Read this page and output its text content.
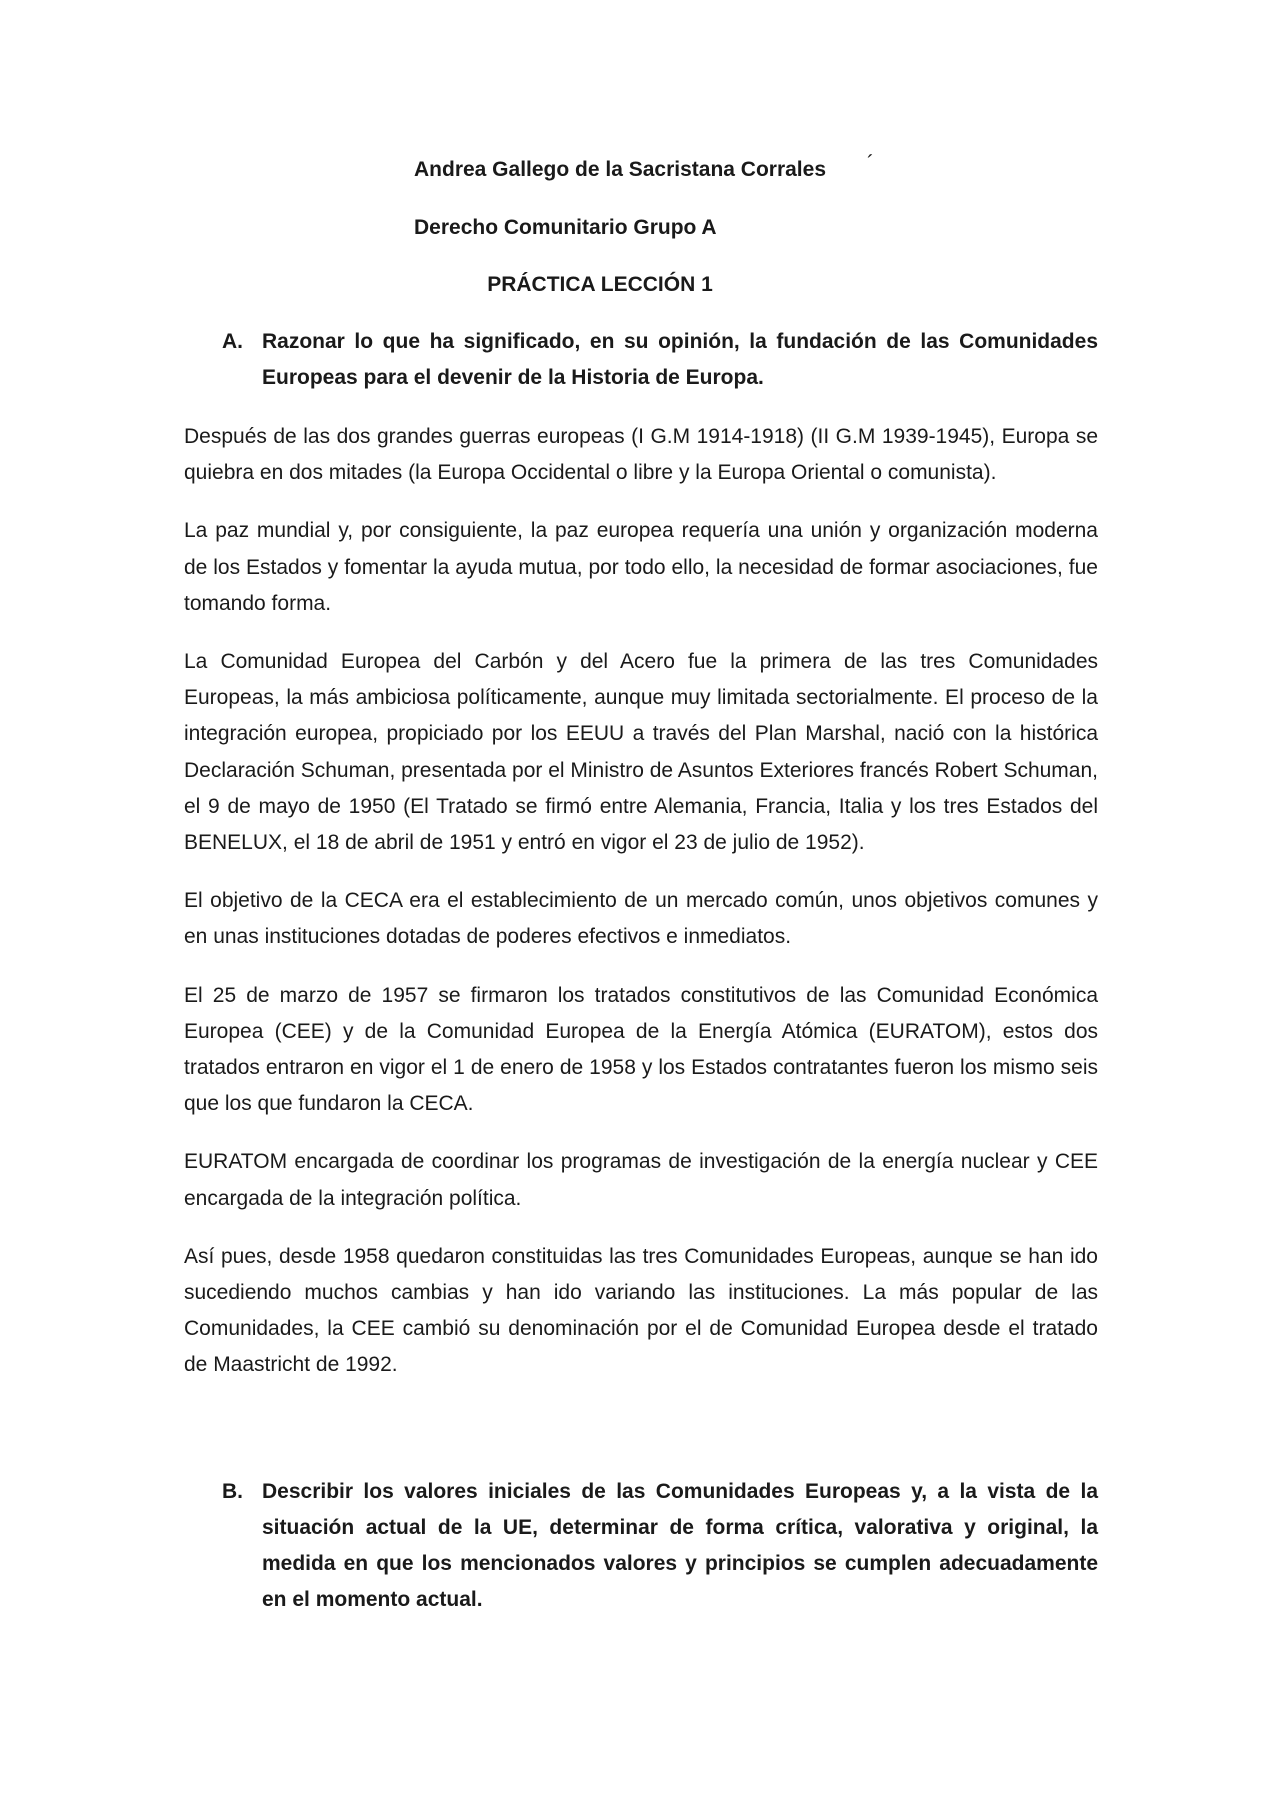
Andrea Gallego de la Sacristana Corrales ´
Derecho Comunitario Grupo A
PRÁCTICA LECCIÓN 1
A. Razonar lo que ha significado, en su opinión, la fundación de las Comunidades Europeas para el devenir de la Historia de Europa.

Después de las dos grandes guerras europeas (I G.M 1914-1918) (II G.M 1939-1945), Europa se quiebra en dos mitades (la Europa Occidental o libre y la Europa Oriental o comunista).

La paz mundial y, por consiguiente, la paz europea requería una unión y organización moderna de los Estados y fomentar la ayuda mutua, por todo ello, la necesidad de formar asociaciones, fue tomando forma.

La Comunidad Europea del Carbón y del Acero fue la primera de las tres Comunidades Europeas, la más ambiciosa políticamente, aunque muy limitada sectorialmente. El proceso de la integración europea, propiciado por los EEUU a través del Plan Marshal, nació con la histórica Declaración Schuman, presentada por el Ministro de Asuntos Exteriores francés Robert Schuman, el 9 de mayo de 1950 (El Tratado se firmó entre Alemania, Francia, Italia y los tres Estados del BENELUX, el 18 de abril de 1951 y entró en vigor el 23 de julio de 1952).

El objetivo de la CECA era el establecimiento de un mercado común, unos objetivos comunes y en unas instituciones dotadas de poderes efectivos e inmediatos.

El 25 de marzo de 1957 se firmaron los tratados constitutivos de las Comunidad Económica Europea (CEE) y de la Comunidad Europea de la Energía Atómica (EURATOM), estos dos tratados entraron en vigor el 1 de enero de 1958 y los Estados contratantes fueron los mismo seis que los que fundaron la CECA.

EURATOM encargada de coordinar los programas de investigación de la energía nuclear y CEE encargada de la integración política.

Así pues, desde 1958 quedaron constituidas las tres Comunidades Europeas, aunque se han ido sucediendo muchos cambias y han ido variando las instituciones. La más popular de las Comunidades, la CEE cambió su denominación por el de Comunidad Europea desde el tratado de Maastricht de 1992.

B. Describir los valores iniciales de las Comunidades Europeas y, a la vista de la situación actual de la UE, determinar de forma crítica, valorativa y original, la medida en que los mencionados valores y principios se cumplen adecuadamente en el momento actual.
